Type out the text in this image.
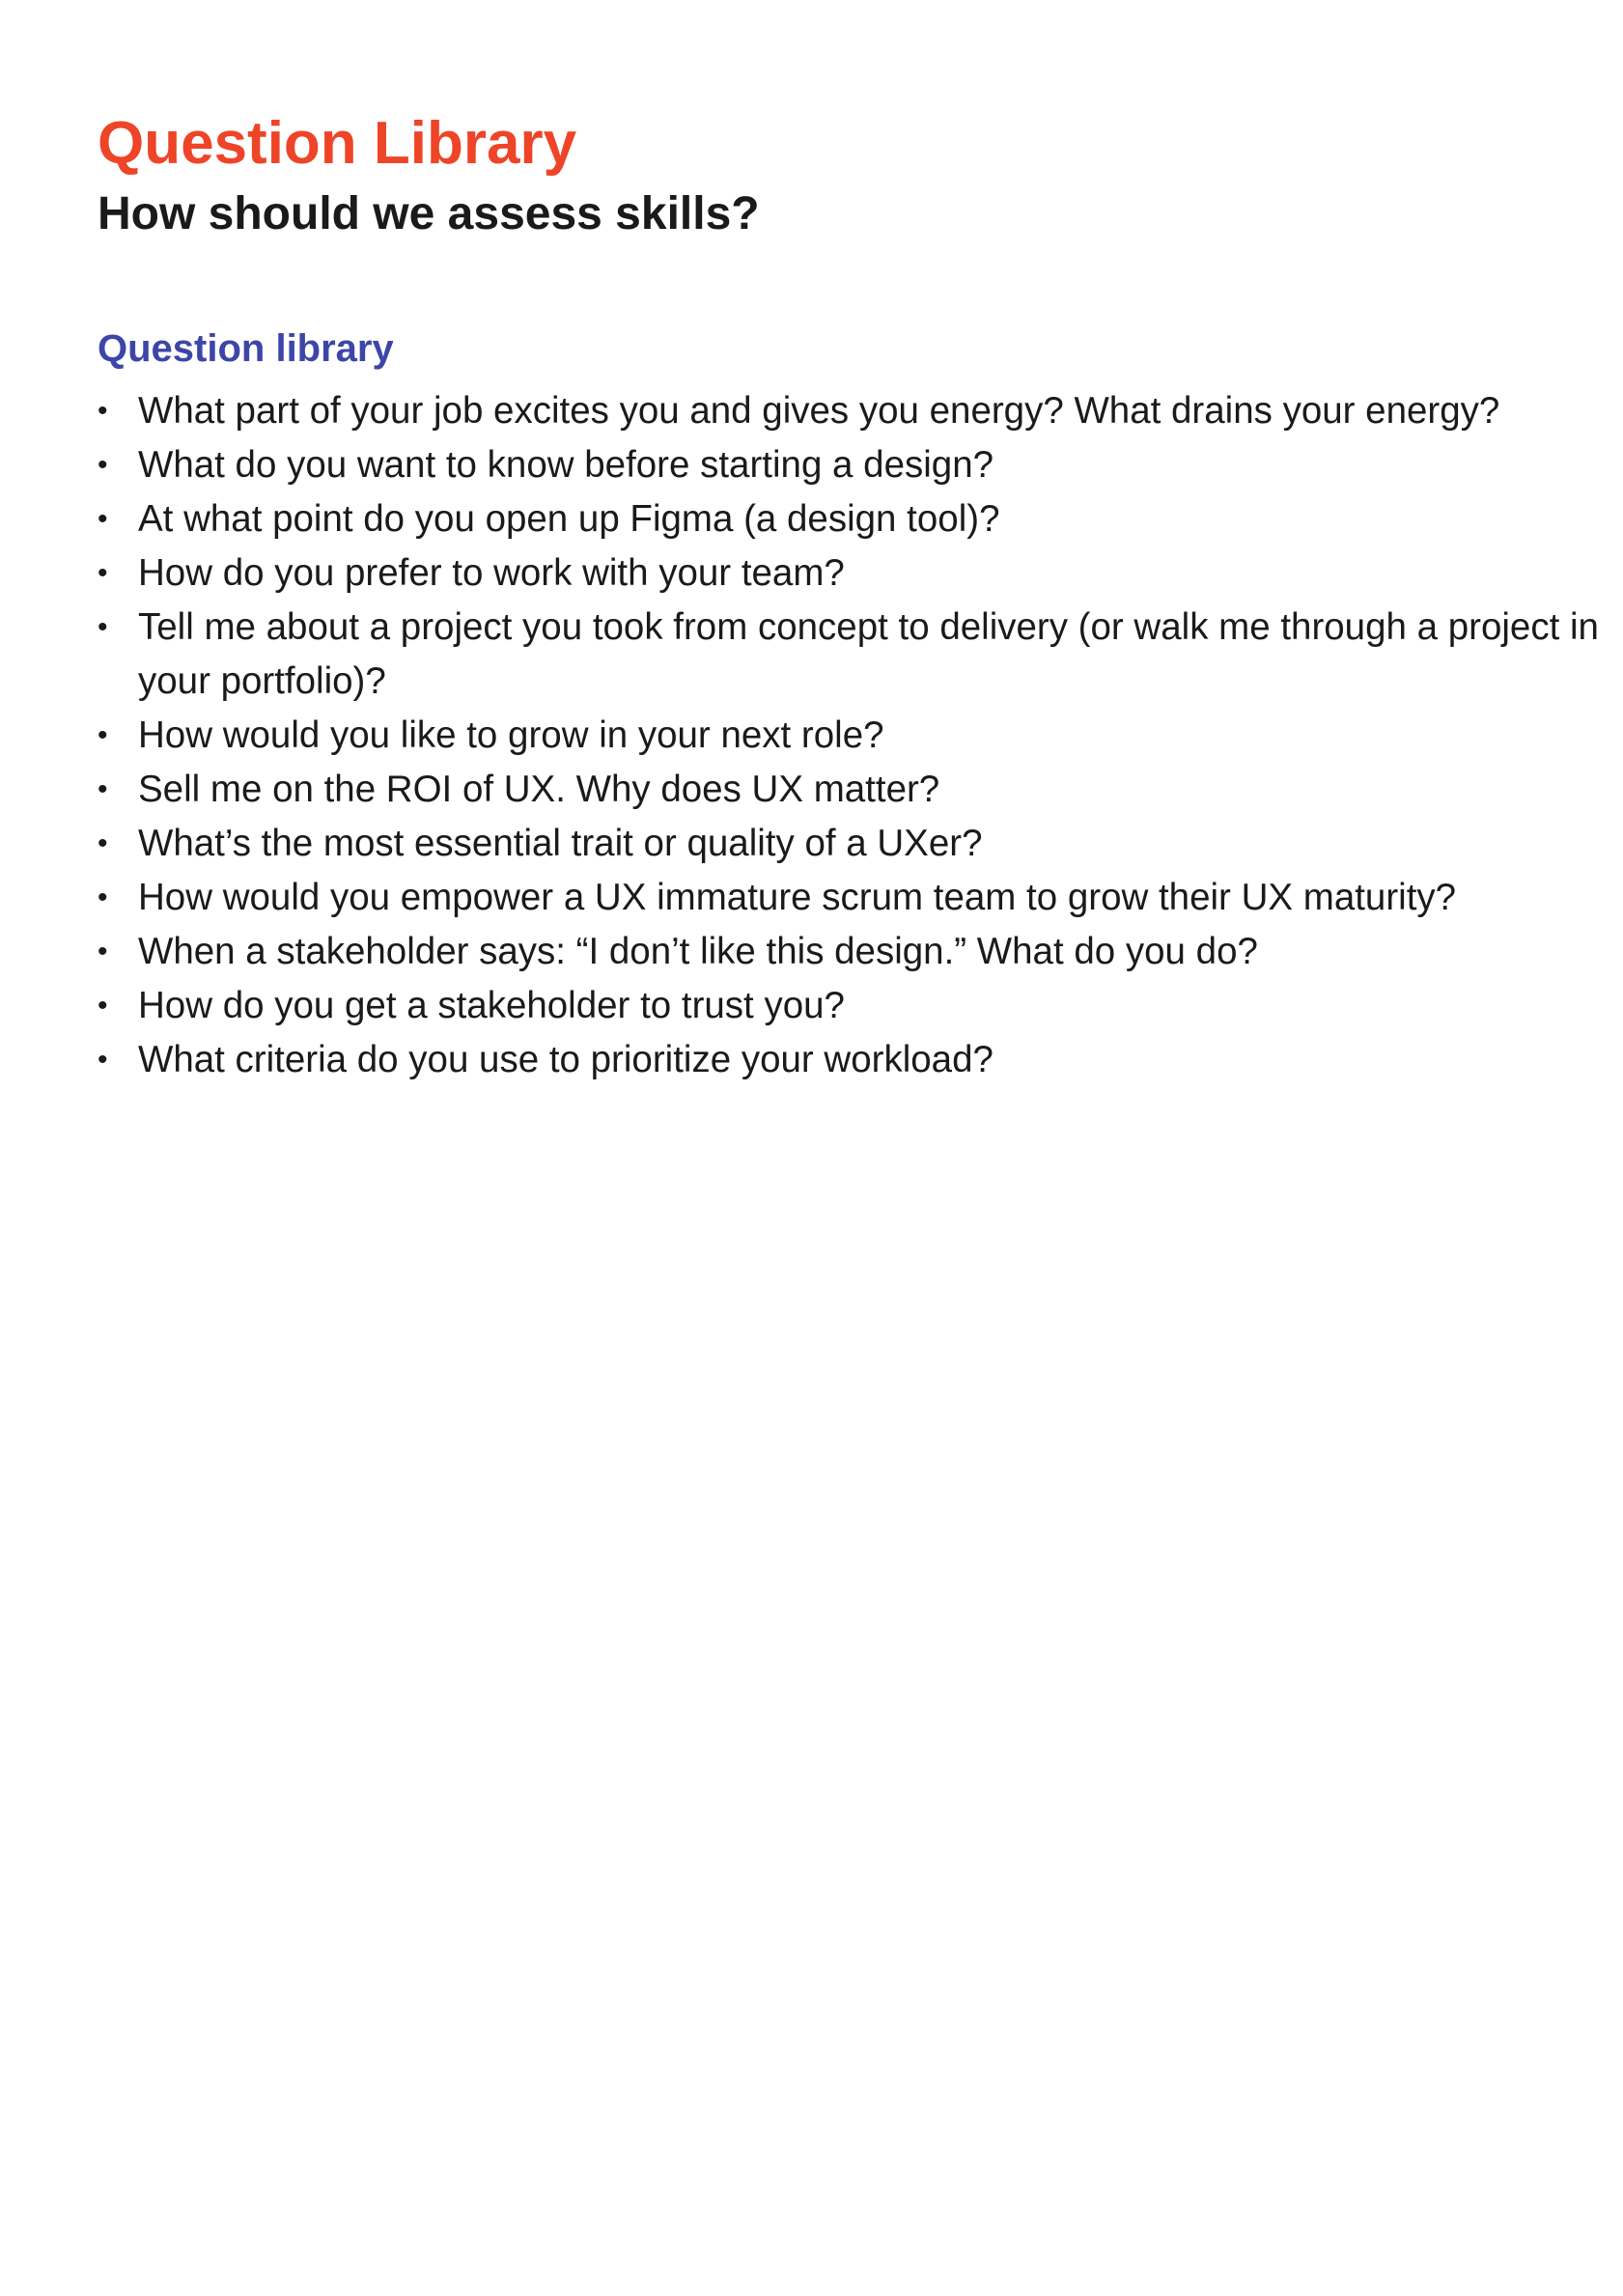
Question Library
How should we assess skills?
Question library
• What part of your job excites you and gives you energy? What drains your energy?
• What do you want to know before starting a design?
• At what point do you open up Figma (a design tool)?
• How do you prefer to work with your team?
• Tell me about a project you took from concept to delivery (or walk me through a project in your portfolio)?
• How would you like to grow in your next role?
• Sell me on the ROI of UX. Why does UX matter?
• What’s the most essential trait or quality of a UXer?
• How would you empower a UX immature scrum team to grow their UX maturity?
• When a stakeholder says: “I don’t like this design.” What do you do?
• How do you get a stakeholder to trust you?
• What criteria do you use to prioritize your workload?
